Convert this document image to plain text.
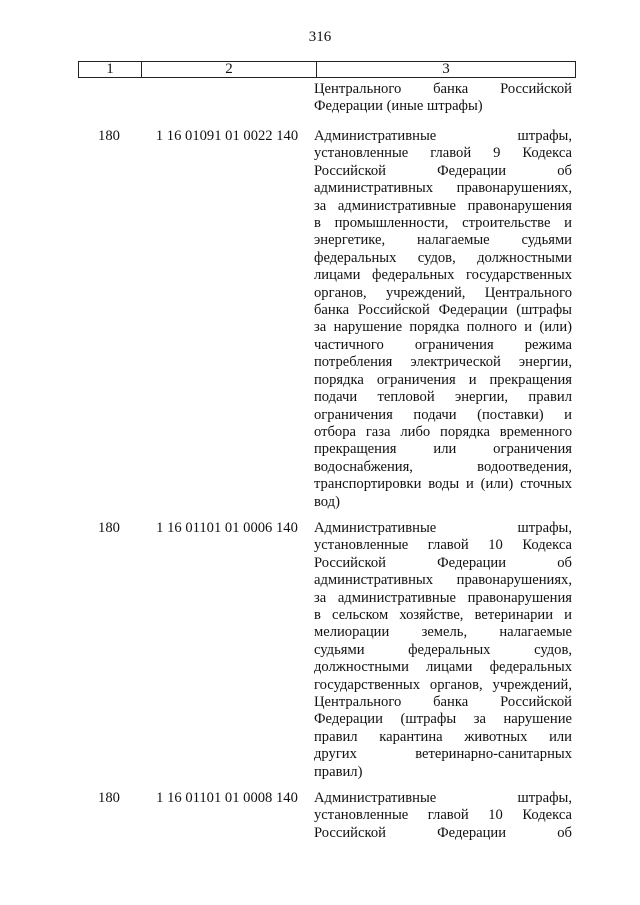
316
1	2	3
Центрального банка Российской
Федерации (иные штрафы)
180	1 16 01091 01 0022 140	Административные штрафы,
установленные главой 9 Кодекса
Российской Федерации об
административных правонарушениях,
за административные правонарушения
в промышленности, строительстве и
энергетике, налагаемые судьями
федеральных судов, должностными
лицами федеральных государственных
органов, учреждений, Центрального
банка Российской Федерации (штрафы
за нарушение порядка полного и (или)
частичного ограничения режима
потребления электрической энергии,
порядка ограничения и прекращения
подачи тепловой энергии, правил
ограничения подачи (поставки) и
отбора газа либо порядка временного
прекращения или ограничения
водоснабжения, водоотведения,
транспортировки воды и (или) сточных
вод)
180	1 16 01101 01 0006 140	Административные штрафы,
установленные главой 10 Кодекса
Российской Федерации об
административных правонарушениях,
за административные правонарушения
в сельском хозяйстве, ветеринарии и
мелиорации земель, налагаемые
судьями федеральных судов,
должностными лицами федеральных
государственных органов, учреждений,
Центрального банка Российской
Федерации (штрафы за нарушение
правил карантина животных или
других ветеринарно-санитарных
правил)
180	1 16 01101 01 0008 140	Административные штрафы,
установленные главой 10 Кодекса
Российской Федерации об
